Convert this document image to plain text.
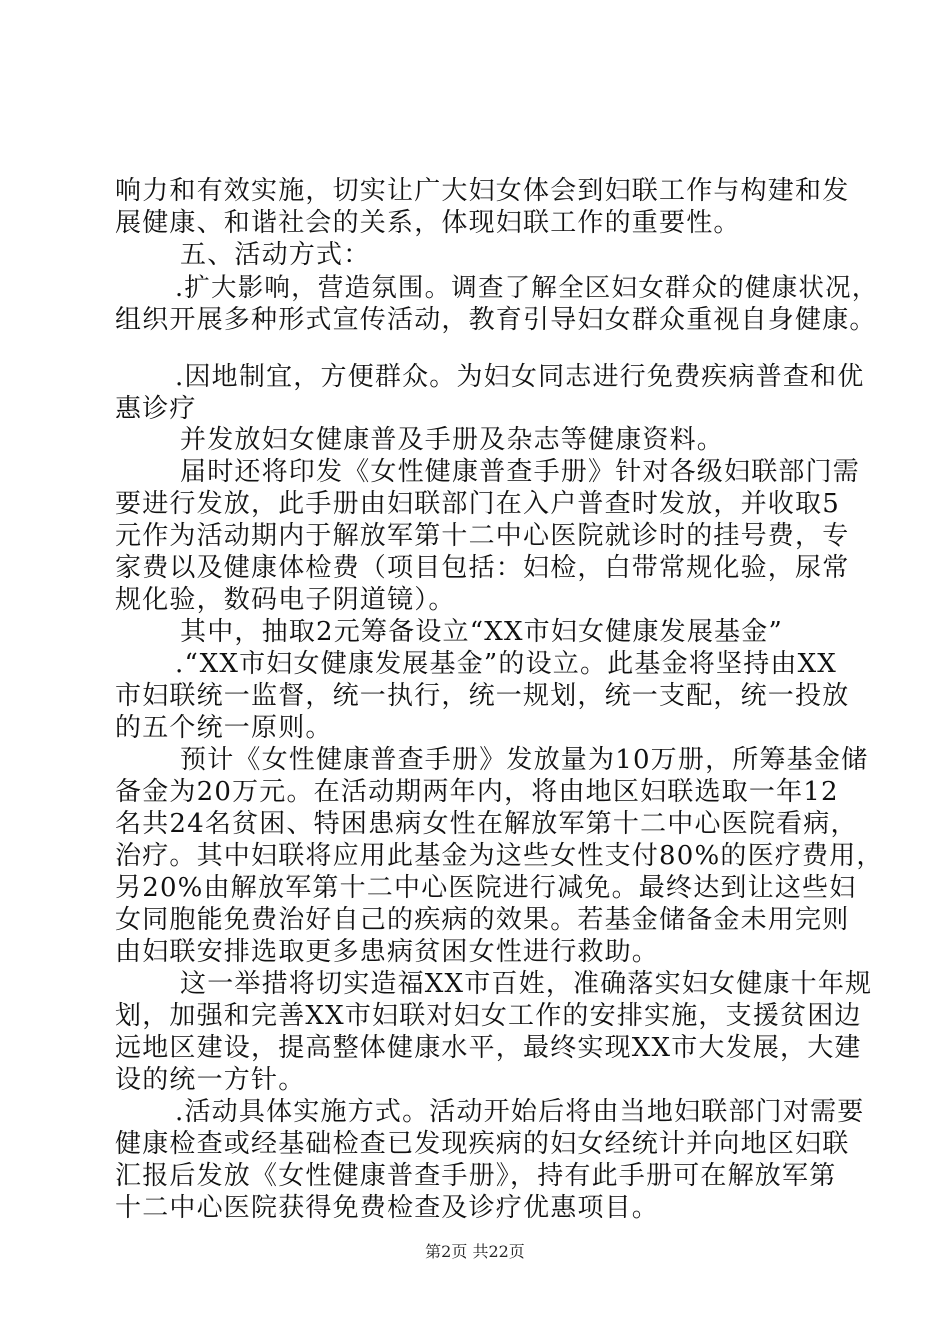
响力和有效实施，切实让广大妇女体会到妇联工作与构建和发
展健康、和谐社会的关系，体现妇联工作的重要性。
五、活动方式：
.扩大影响，营造氛围。调查了解全区妇女群众的健康状况，
组织开展多种形式宣传活动，教育引导妇女群众重视自身健康。
.因地制宜，方便群众。为妇女同志进行免费疾病普查和优
惠诊疗
并发放妇女健康普及手册及杂志等健康资料。
届时还将印发《女性健康普查手册》针对各级妇联部门需
要进行发放，此手册由妇联部门在入户普查时发放，并收取5
元作为活动期内于解放军第十二中心医院就诊时的挂号费，专
家费以及健康体检费（项目包括：妇检，白带常规化验，尿常
规化验，数码电子阴道镜）。
其中，抽取2元筹备设立“XX市妇女健康发展基金”
.“XX市妇女健康发展基金”的设立。此基金将坚持由XX
市妇联统一监督，统一执行，统一规划，统一支配，统一投放
的五个统一原则。
预计《女性健康普查手册》发放量为10万册，所筹基金储
备金为20万元。在活动期两年内，将由地区妇联选取一年12
名共24名贫困、特困患病女性在解放军第十二中心医院看病，
治疗。其中妇联将应用此基金为这些女性支付80%的医疗费用，
另20%由解放军第十二中心医院进行减免。最终达到让这些妇
女同胞能免费治好自己的疾病的效果。若基金储备金未用完则
由妇联安排选取更多患病贫困女性进行救助。
这一举措将切实造福XX市百姓，准确落实妇女健康十年规
划，加强和完善XX市妇联对妇女工作的安排实施，支援贫困边
远地区建设，提高整体健康水平，最终实现XX市大发展，大建
设的统一方针。
.活动具体实施方式。活动开始后将由当地妇联部门对需要
健康检查或经基础检查已发现疾病的妇女经统计并向地区妇联
汇报后发放《女性健康普查手册》，持有此手册可在解放军第
十二中心医院获得免费检查及诊疗优惠项目。
第2页 共22页
